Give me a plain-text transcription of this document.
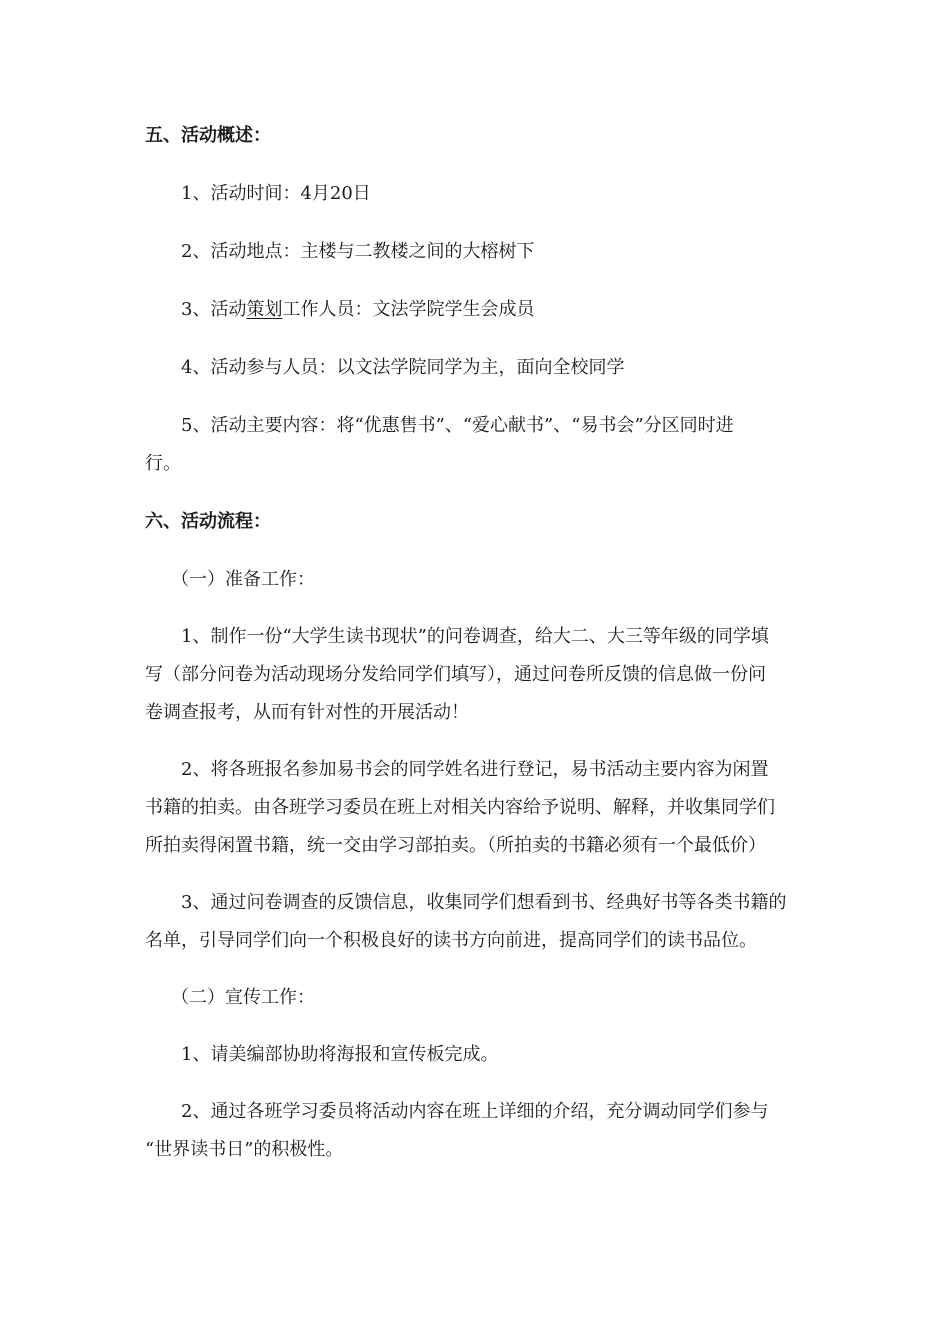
五、活动概述：
1、活动时间：4月20日
2、活动地点：主楼与二教楼之间的大榕树下
3、活动策划工作人员：文法学院学生会成员
4、活动参与人员：以文法学院同学为主，面向全校同学
5、活动主要内容：将“优惠售书”、“爱心献书”、“易书会”分区同时进
行。
六、活动流程：
（一）准备工作：
1、制作一份“大学生读书现状”的问卷调查，给大二、大三等年级的同学填
写（部分问卷为活动现场分发给同学们填写），通过问卷所反馈的信息做一份问
卷调查报考，从而有针对性的开展活动！
2、将各班报名参加易书会的同学姓名进行登记，易书活动主要内容为闲置
书籍的拍卖。由各班学习委员在班上对相关内容给予说明、解释，并收集同学们
所拍卖得闲置书籍，统一交由学习部拍卖。（所拍卖的书籍必须有一个最低价）
3、通过问卷调查的反馈信息，收集同学们想看到书、经典好书等各类书籍的
名单，引导同学们向一个积极良好的读书方向前进，提高同学们的读书品位。
（二）宣传工作：
1、请美编部协助将海报和宣传板完成。
2、通过各班学习委员将活动内容在班上详细的介绍，充分调动同学们参与
“世界读书日”的积极性。
